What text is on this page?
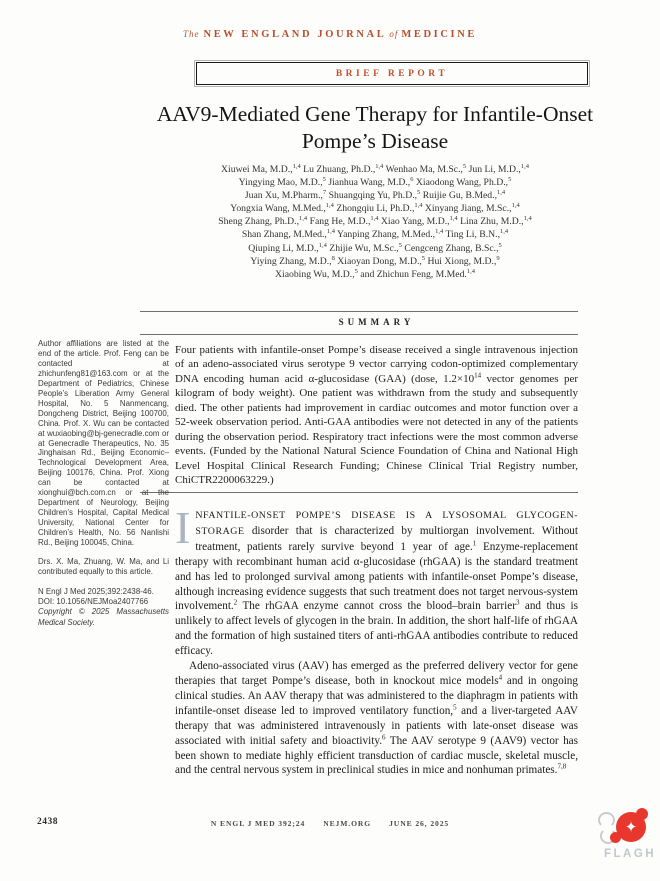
The NEW ENGLAND JOURNAL of MEDICINE
BRIEF REPORT
AAV9-Mediated Gene Therapy for Infantile-Onset Pompe’s Disease
Xiuwei Ma, M.D.,$^{1,4}$ Lu Zhuang, Ph.D.,$^{1,4}$ Wenhao Ma, M.Sc.,$^5$ Jun Li, M.D.,$^{1,4}$
Yingying Mao, M.D.,$^5$ Jianhua Wang, M.D.,$^6$ Xiaodong Wang, Ph.D.,$^5$
Juan Xu, M.Pharm.,$^7$ Shuangqing Yu, Ph.D.,$^5$ Ruijie Gu, B.Med.,$^{1,4}$
Yongxia Wang, M.Med.,$^{1,4}$ Zhongqiu Li, Ph.D.,$^{1,4}$ Xinyang Jiang, M.Sc.,$^{1,4}$
Sheng Zhang, Ph.D.,$^{1,4}$ Fang He, M.D.,$^{1,4}$ Xiao Yang, M.D.,$^{1,4}$ Lina Zhu, M.D.,$^{1,4}$
Shan Zhang, M.Med.,$^{1,4}$ Yanping Zhang, M.Med.,$^{1,4}$ Ting Li, B.N.,$^{1,4}$
Qiuping Li, M.D.,$^{1,4}$ Zhijie Wu, M.Sc.,$^5$ Cengceng Zhang, B.Sc.,$^5$
Yiying Zhang, M.D.,$^8$ Xiaoyan Dong, M.D.,$^5$ Hui Xiong, M.D.,$^9$
Xiaobing Wu, M.D.,$^5$ and Zhichun Feng, M.Med.$^{1,4}$
SUMMARY
Four patients with infantile-onset Pompe’s disease received a single intravenous injection of an adeno-associated virus serotype 9 vector carrying codon-optimized complementary DNA encoding human acid α-glucosidase (GAA) (dose, $1.2\times 10^{14}$ vector genomes per kilogram of body weight). One patient was withdrawn from the study and subsequently died. The other patients had improvement in cardiac outcomes and motor function over a 52-week observation period. Anti-GAA antibodies were not detected in any of the patients during the observation period. Respiratory tract infections were the most common adverse events. (Funded by the National Natural Science Foundation of China and National High Level Hospital Clinical Research Funding; Chinese Clinical Trial Registry number, ChiCTR2200063229.)

Author affiliations are listed at the end of the article. Prof. Feng can be contacted at zhichunfeng81@163.com or at the Department of Pediatrics, Chinese People’s Liberation Army General Hospital, No. 5 Nanmencang, Dongcheng District, Beijing 100700, China. Prof. X. Wu can be contacted at wuxiaobing@bj-genecradle.com or at Genecradle Therapeutics, No. 35 Jinghaisan Rd., Beijing Economic–Technological Development Area, Beijing 100176, China. Prof. Xiong can be contacted at xionghui@bch.com.cn or at the Department of Neurology, Beijing Children’s Hospital, Capital Medical University, National Center for Children’s Health, No. 56 Nanlishi Rd., Beijing 100045, China.

Drs. X. Ma, Zhuang, W. Ma, and Li contributed equally to this article.

N Engl J Med 2025;392:2438-46.
DOI: 10.1056/NEJMoa2407766
Copyright © 2025 Massachusetts Medical Society.

INFANTILE-ONSET POMPE’S DISEASE IS A LYSOSOMAL GLYCOGEN-STORAGE disorder that is characterized by multiorgan involvement. Without treatment, patients rarely survive beyond 1 year of age.$^1$ Enzyme-replacement therapy with recombinant human acid α-glucosidase (rhGAA) is the standard treatment and has led to prolonged survival among patients with infantile-onset Pompe’s disease, although increasing evidence suggests that such treatment does not target nervous-system involvement.$^2$ The rhGAA enzyme cannot cross the blood–brain barrier$^3$ and thus is unlikely to affect levels of glycogen in the brain. In addition, the short half-life of rhGAA and the formation of high sustained titers of anti-rhGAA antibodies contribute to reduced efficacy.

Adeno-associated virus (AAV) has emerged as the preferred delivery vector for gene therapies that target Pompe’s disease, both in knockout mice models$^4$ and in ongoing clinical studies. An AAV therapy that was administered to the diaphragm in patients with infantile-onset disease led to improved ventilatory function,$^5$ and a liver-targeted AAV therapy that was administered intravenously in patients with late-onset disease was associated with initial safety and bioactivity.$^6$ The AAV serotype 9 (AAV9) vector has been shown to mediate highly efficient transduction of cardiac muscle, skeletal muscle, and the central nervous system in preclinical studies in mice and nonhuman primates.$^{7,8}$

2438	N ENGL J MED 392;24 NEJM.ORG JUNE 26, 2025	✦
FLAGH
